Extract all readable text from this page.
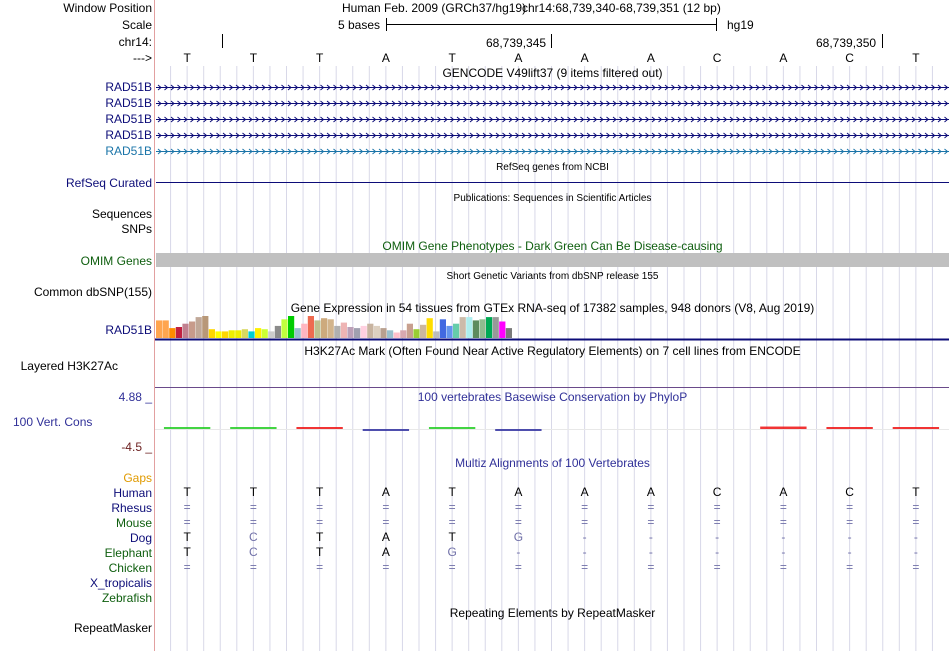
Window Position
Scale
chr14:
--->
Human Feb. 2009 (GRCh37/hg19)
chr14:68,739,340-68,739,351 (12 bp)
5 bases	hg19
68,739,345	68,739,350
T	T	T	A	T	A	A	A	C	A	C	T
GENCODE V49lift37 (9 items filtered out)
RAD51B
RAD51B
RAD51B
RAD51B
RAD51B
RefSeq genes from NCBI
RefSeq Curated
Publications: Sequences in Scientific Articles
Sequences
SNPs
OMIM Gene Phenotypes - Dark Green Can Be Disease-causing
OMIM Genes
Short Genetic Variants from dbSNP release 155
Common dbSNP(155)
Gene Expression in 54 tissues from GTEx RNA-seq of 17382 samples, 948 donors (V8, Aug 2019)
RAD51B
H3K27Ac Mark (Often Found Near Active Regulatory Elements) on 7 cell lines from ENCODE
Layered H3K27Ac
100 vertebrates Basewise Conservation by PhyloP
4.88 _
100 Vert. Cons
-4.5 _
Multiz Alignments of 100 Vertebrates
Gaps
Human	T	T	T	A	T	A	A	A	C	A	C	T
Rhesus	=	=	=	=	=	=	=	=	=	=	=	=
Mouse	=	=	=	=	=	=	=	=	=	=	=	=
Dog	T	C	T	A	T	G	-	-	-	-	-	-
Elephant	T	C	T	A	G	-	-	-	-	-	-	-
Chicken	=	=	=	=	=	=	=	=	=	=	=	=
X_tropicalis
Zebrafish
Repeating Elements by RepeatMasker
RepeatMasker
